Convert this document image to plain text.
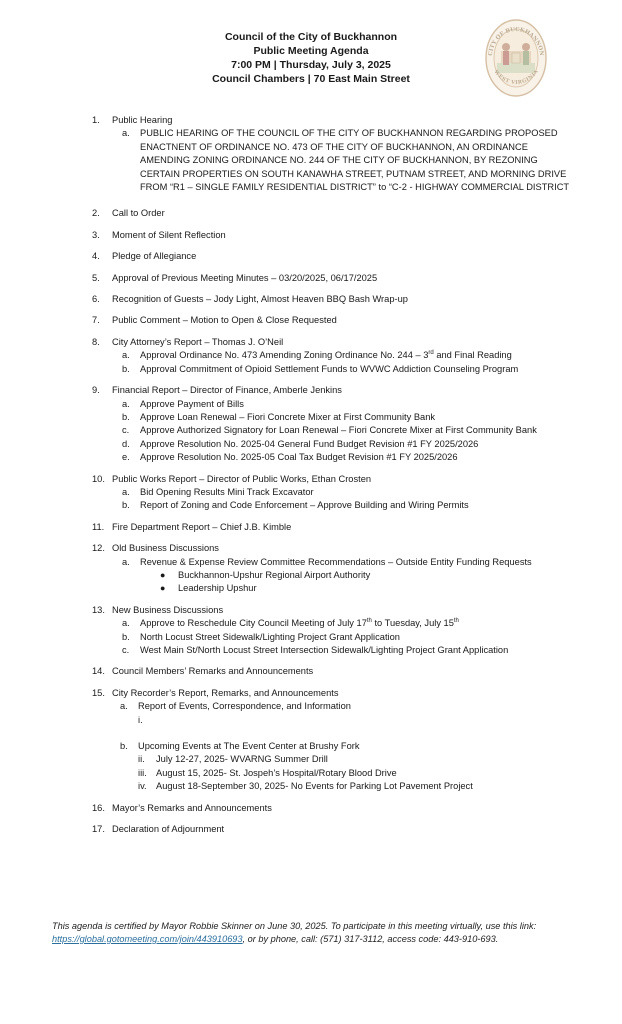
Council of the City of Buckhannon
Public Meeting Agenda
7:00 PM | Thursday, July 3, 2025
Council Chambers | 70 East Main Street
CITY OF BUCKHANNON
WEST VIRGINIA
1.	Public Hearing
a.	PUBLIC HEARING OF THE COUNCIL OF THE CITY OF BUCKHANNON REGARDING PROPOSED ENACTNENT OF ORDINANCE NO. 473 OF THE CITY OF BUCKHANNON, AN ORDINANCE AMENDING ZONING ORDINANCE NO. 244 OF THE CITY OF BUCKHANNON, BY REZONING CERTAIN PROPERTIES ON SOUTH KANAWHA STREET, PUTNAM STREET, AND MORNING DRIVE FROM “R1 – SINGLE FAMILY RESIDENTIAL DISTRICT” to “C-2 - HIGHWAY COMMERCIAL DISTRICT
2.	Call to Order
3.	Moment of Silent Reflection
4.	Pledge of Allegiance
5.	Approval of Previous Meeting Minutes – 03/20/2025, 06/17/2025
6.	Recognition of Guests – Jody Light, Almost Heaven BBQ Bash Wrap-up
7.	Public Comment – Motion to Open & Close Requested
8.	City Attorney’s Report – Thomas J. O’Neil
a.	Approval Ordinance No. 473 Amending Zoning Ordinance No. 244 – 3rd and Final Reading
b.	Approval Commitment of Opioid Settlement Funds to WVWC Addiction Counseling Program
9.	Financial Report – Director of Finance, Amberle Jenkins
a.	Approve Payment of Bills
b.	Approve Loan Renewal – Fiori Concrete Mixer at First Community Bank
c.	Approve Authorized Signatory for Loan Renewal – Fiori Concrete Mixer at First Community Bank
d.	Approve Resolution No. 2025-04 General Fund Budget Revision #1 FY 2025/2026
e.	Approve Resolution No. 2025-05 Coal Tax Budget Revision #1 FY 2025/2026
10. Public Works Report – Director of Public Works, Ethan Crosten
a.	Bid Opening Results Mini Track Excavator
b.	Report of Zoning and Code Enforcement – Approve Building and Wiring Permits
11. Fire Department Report – Chief J.B. Kimble
12. Old Business Discussions
a.	Revenue & Expense Review Committee Recommendations – Outside Entity Funding Requests
●	Buckhannon-Upshur Regional Airport Authority
●	Leadership Upshur
13. New Business Discussions
a.	Approve to Reschedule City Council Meeting of July 17th to Tuesday, July 15th
b.	North Locust Street Sidewalk/Lighting Project Grant Application
c.	West Main St/North Locust Street Intersection Sidewalk/Lighting Project Grant Application
14. Council Members’ Remarks and Announcements
15. City Recorder’s Report, Remarks, and Announcements
a.	Report of Events, Correspondence, and Information
i.
b.	Upcoming Events at The Event Center at Brushy Fork
ii.	July 12-27, 2025- WVARNG Summer Drill
iii. August 15, 2025- St. Jospeh’s Hospital/Rotary Blood Drive
iv.	August 18-September 30, 2025- No Events for Parking Lot Pavement Project
16. Mayor’s Remarks and Announcements
17. Declaration of Adjournment
This agenda is certified by Mayor Robbie Skinner on June 30, 2025. To participate in this meeting virtually, use this link: https://global.gotomeeting.com/join/443910693, or by phone, call: (571) 317-3112, access code: 443-910-693.
